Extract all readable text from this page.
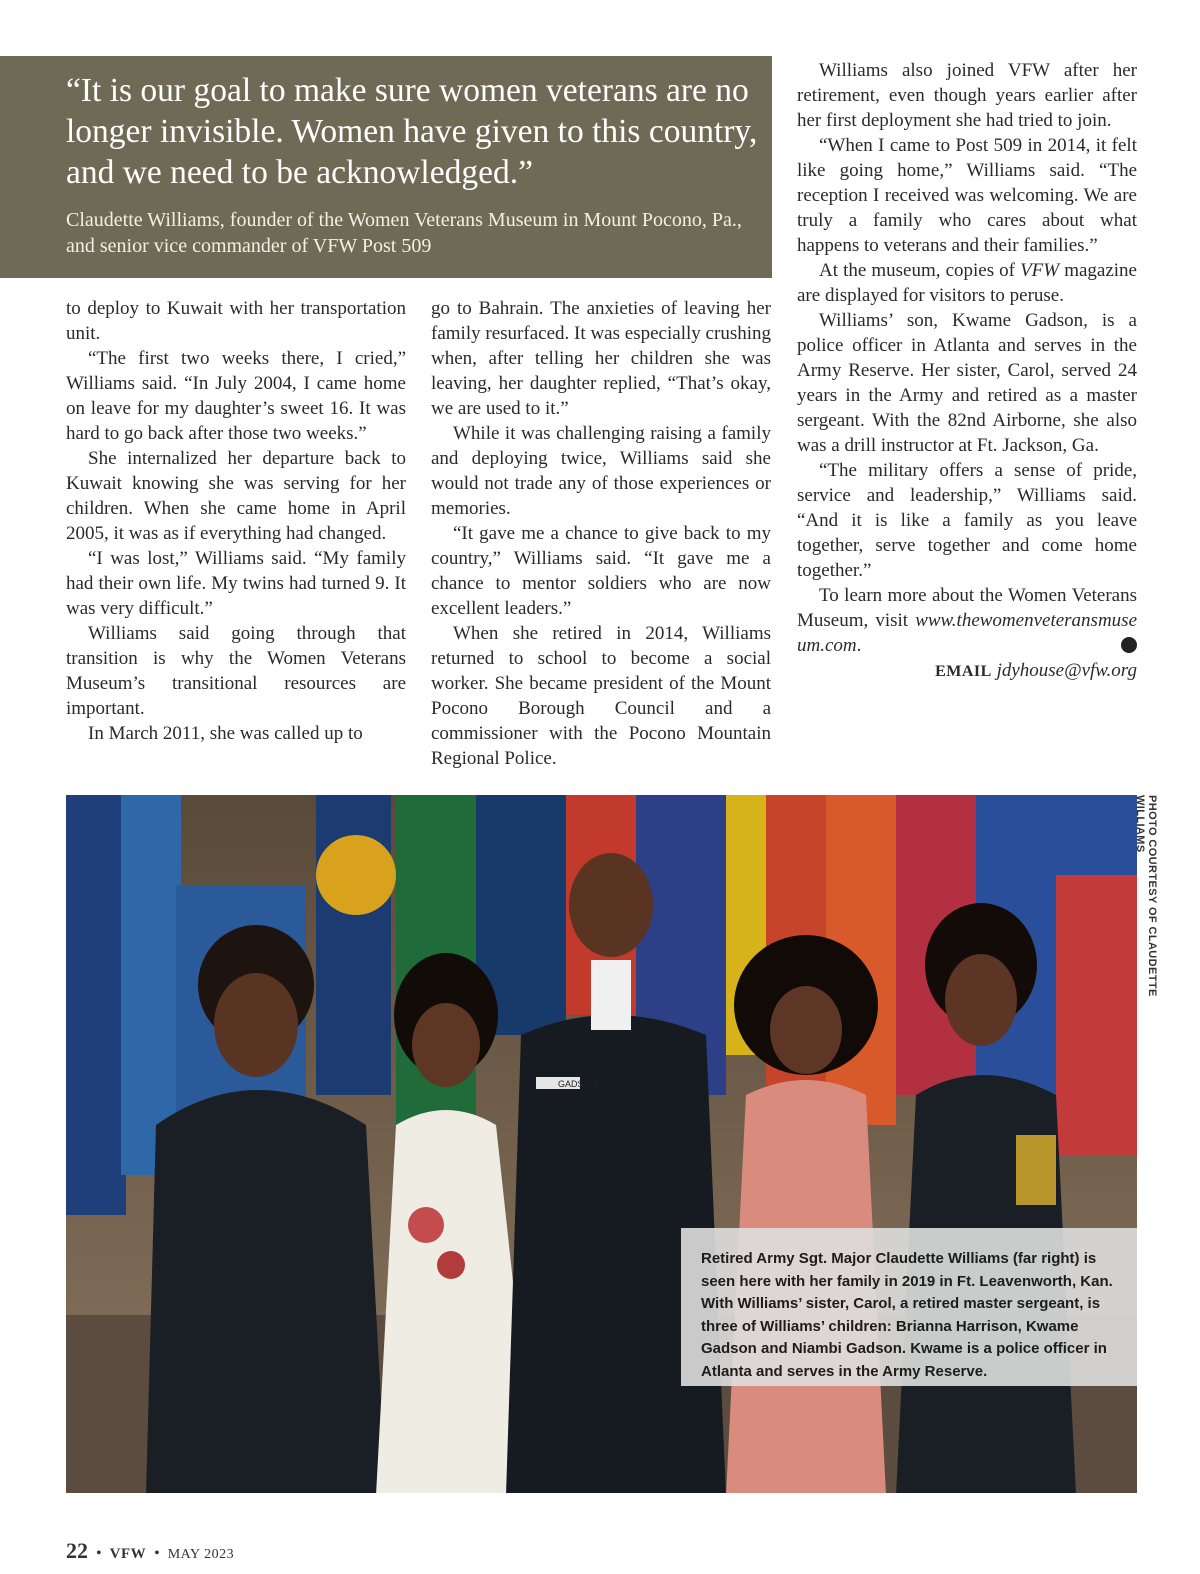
“It is our goal to make sure women veterans are no longer invisible. Women have given to this country, and we need to be acknowledged.”

Claudette Williams, founder of the Women Veterans Museum in Mount Pocono, Pa., and senior vice commander of VFW Post 509

to deploy to Kuwait with her transportation unit.

“The first two weeks there, I cried,” Williams said. “In July 2004, I came home on leave for my daughter’s sweet 16. It was hard to go back after those two weeks.”

She internalized her departure back to Kuwait knowing she was serving for her children. When she came home in April 2005, it was as if everything had changed.

“I was lost,” Williams said. “My family had their own life. My twins had turned 9. It was very difficult.”

Williams said going through that transition is why the Women Veterans Museum’s transitional resources are important.

In March 2011, she was called up to

go to Bahrain. The anxieties of leaving her family resurfaced. It was especially crushing when, after telling her children she was leaving, her daughter replied, “That’s okay, we are used to it.”

While it was challenging raising a family and deploying twice, Williams said she would not trade any of those experiences or memories.

“It gave me a chance to give back to my country,” Williams said. “It gave me a chance to mentor soldiers who are now excellent leaders.”

When she retired in 2014, Williams returned to school to become a social worker. She became president of the Mount Pocono Borough Council and a commissioner with the Pocono Mountain Regional Police.

Williams also joined VFW after her retirement, even though years earlier after her first deployment she had tried to join.

“When I came to Post 509 in 2014, it felt like going home,” Williams said. “The reception I received was welcoming. We are truly a family who cares about what happens to veterans and their families.”

At the museum, copies of VFW magazine are displayed for visitors to peruse.

Williams’ son, Kwame Gadson, is a police officer in Atlanta and serves in the Army Reserve. Her sister, Carol, served 24 years in the Army and retired as a master sergeant. With the 82nd Airborne, she also was a drill instructor at Ft. Jackson, Ga.

“The military offers a sense of pride, service and leadership,” Williams said. “And it is like a family as you leave together, serve together and come home together.”

To learn more about the Women Veterans Museum, visit www.thewomenveteransmuseum.com.	★

EMAIL jdyhouse@vfw.org
GADSON
Retired Army Sgt. Major Claudette Williams (far right) is seen here with her family in 2019 in Ft. Leavenworth, Kan. With Williams’ sister, Carol, a retired master sergeant, is three of Williams’ children: Brianna Harrison, Kwame Gadson and Niambi Gadson. Kwame is a police officer in Atlanta and serves in the Army Reserve.
PHOTO COURTESY OF CLAUDETTE WILLIAMS
22 • VFW • MAY 2023
